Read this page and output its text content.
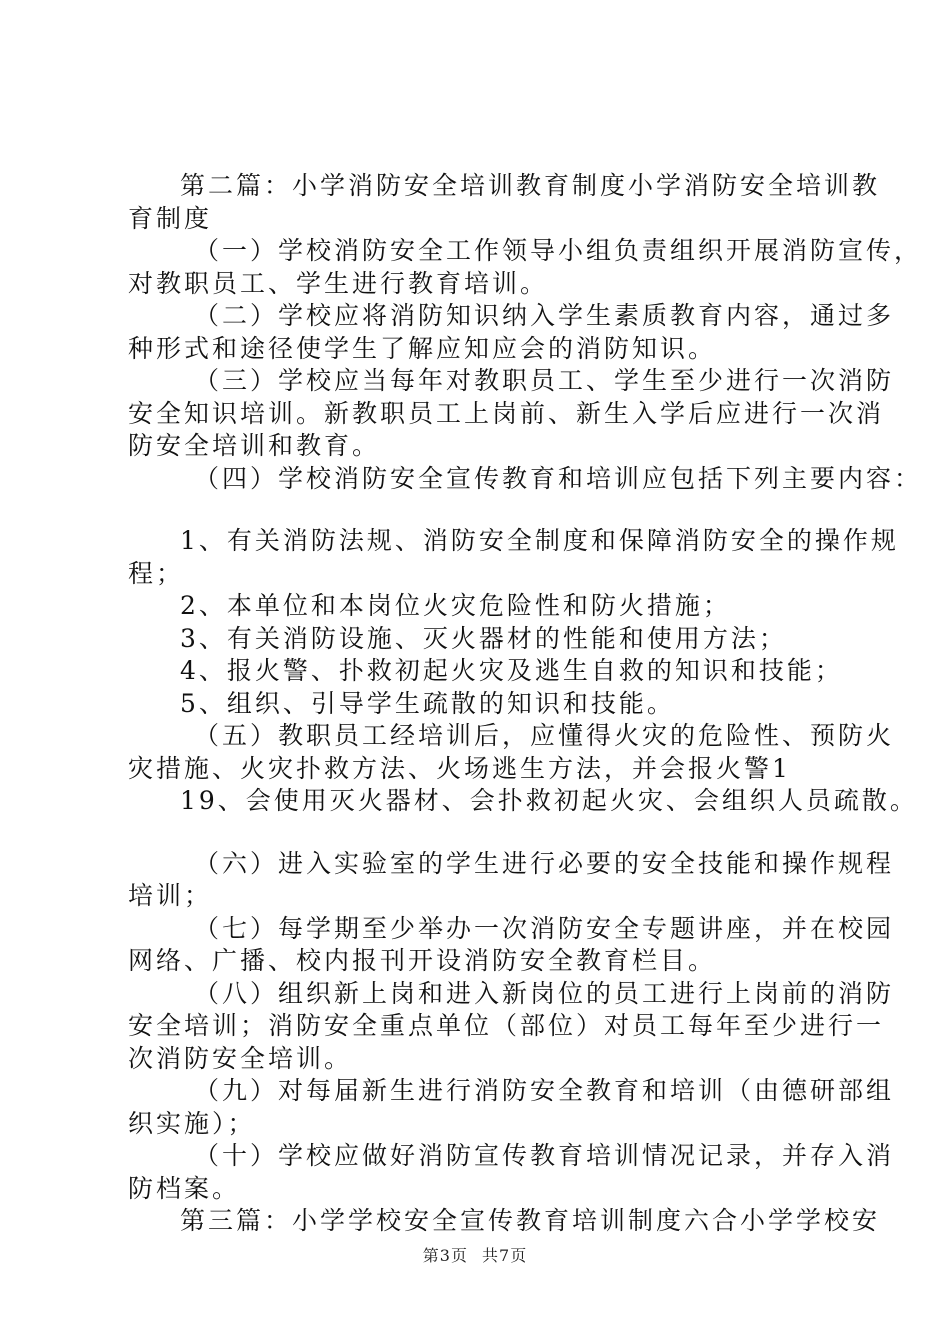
第二篇：小学消防安全培训教育制度小学消防安全培训教

育制度

（一）学校消防安全工作领导小组负责组织开展消防宣传，

对教职员工、学生进行教育培训。

（二）学校应将消防知识纳入学生素质教育内容，通过多

种形式和途径使学生了解应知应会的消防知识。

（三）学校应当每年对教职员工、学生至少进行一次消防

安全知识培训。新教职员工上岗前、新生入学后应进行一次消

防安全培训和教育。

（四）学校消防安全宣传教育和培训应包括下列主要内容：

1、有关消防法规、消防安全制度和保障消防安全的操作规

程；

2、本单位和本岗位火灾危险性和防火措施；

3、有关消防设施、灭火器材的性能和使用方法；

4、报火警、扑救初起火灾及逃生自救的知识和技能；

5、组织、引导学生疏散的知识和技能。

（五）教职员工经培训后，应懂得火灾的危险性、预防火

灾措施、火灾扑救方法、火场逃生方法，并会报火警1

19、会使用灭火器材、会扑救初起火灾、会组织人员疏散。

（六）进入实验室的学生进行必要的安全技能和操作规程

培训；

（七）每学期至少举办一次消防安全专题讲座，并在校园

网络、广播、校内报刊开设消防安全教育栏目。

（八）组织新上岗和进入新岗位的员工进行上岗前的消防

安全培训；消防安全重点单位（部位）对员工每年至少进行一

次消防安全培训。

（九）对每届新生进行消防安全教育和培训（由德研部组

织实施）；

（十）学校应做好消防宣传教育培训情况记录，并存入消

防档案。

第三篇：小学学校安全宣传教育培训制度六合小学学校安

第3页 共7页
